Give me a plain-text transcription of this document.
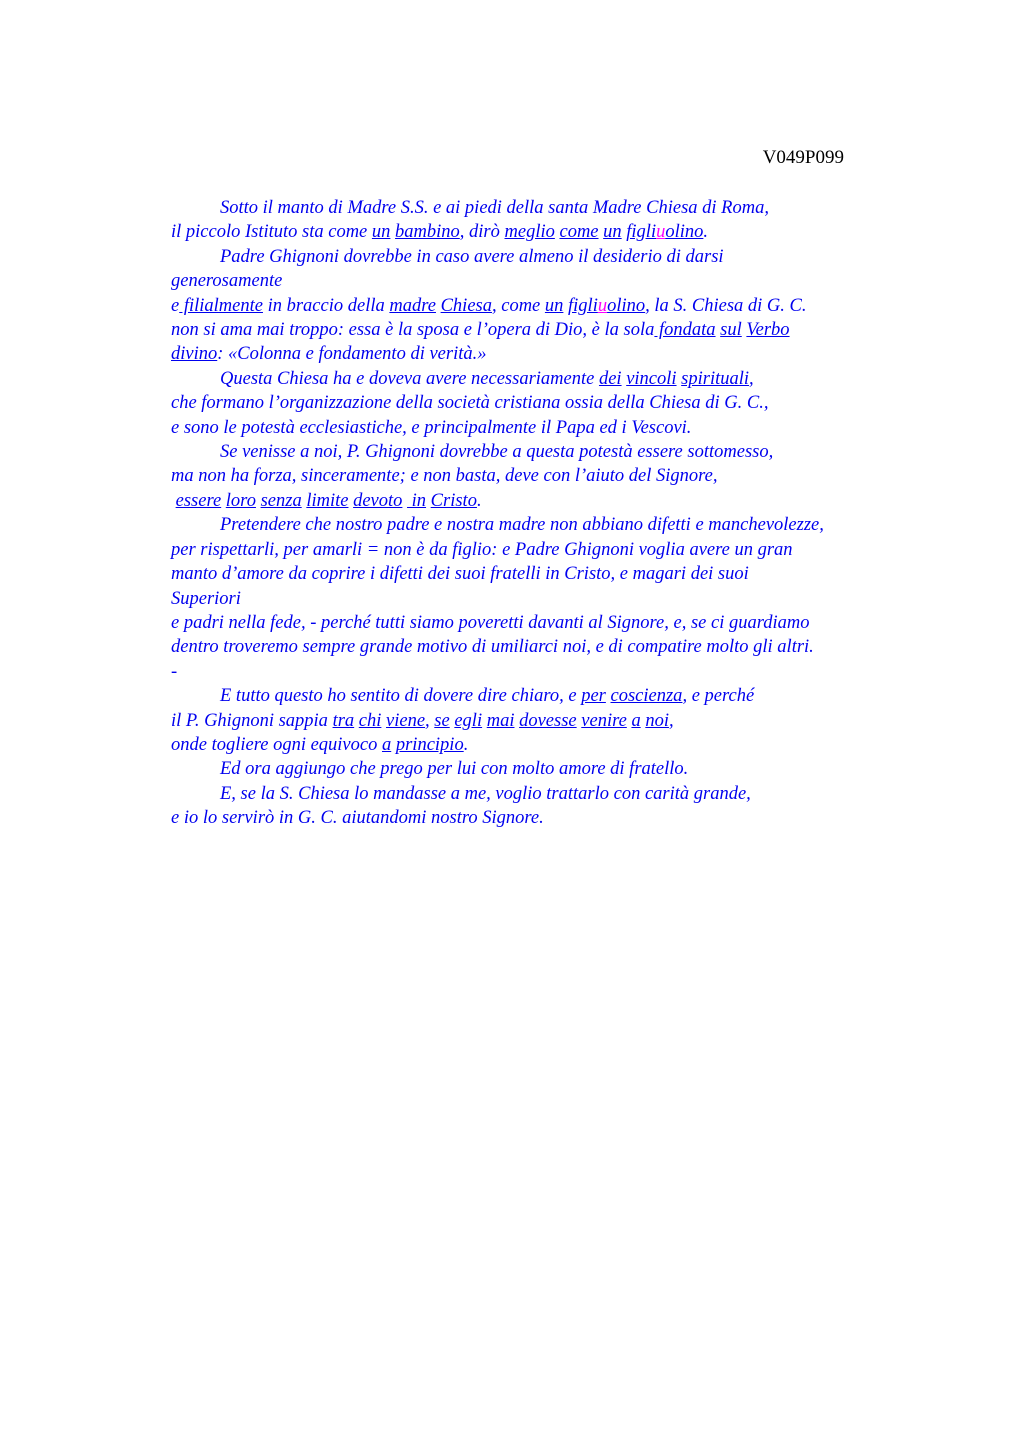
V049P099
Sotto il manto di Madre S.S. e ai piedi della santa Madre Chiesa di Roma,
il piccolo Istituto sta come un bambino, dirò meglio come un figliuolino.
Padre Ghignoni dovrebbe in caso avere almeno il desiderio di darsi
generosamente
e filialmente in braccio della madre Chiesa, come un figliuolino, la S. Chiesa di G. C.
non si ama mai troppo: essa è la sposa e l’opera di Dio, è la sola fondata sul Verbo
divino: «Colonna e fondamento di verità.»
Questa Chiesa ha e doveva avere necessariamente dei vincoli spirituali,
che formano l’organizzazione della società cristiana ossia della Chiesa di G. C.,
e sono le potestà ecclesiastiche, e principalmente il Papa ed i Vescovi.
Se venisse a noi, P. Ghignoni dovrebbe a questa potestà essere sottomesso,
ma non ha forza, sinceramente; e non basta, deve con l’aiuto del Signore,
essere loro senza limite devoto  in Cristo.
Pretendere che nostro padre e nostra madre non abbiano difetti e manchevolezze,
per rispettarli, per amarli = non è da figlio: e Padre Ghignoni voglia avere un gran
manto d’amore da coprire i difetti dei suoi fratelli in Cristo, e magari dei suoi
Superiori
e padri nella fede, - perché tutti siamo poveretti davanti al Signore, e, se ci guardiamo
dentro troveremo sempre grande motivo di umiliarci noi, e di compatire molto gli altri.
-
E tutto questo ho sentito di dovere dire chiaro, e per coscienza, e perché
il P. Ghignoni sappia tra chi viene, se egli mai dovesse venire a noi,
onde togliere ogni equivoco a principio.
Ed ora aggiungo che prego per lui con molto amore di fratello.
E, se la S. Chiesa lo mandasse a me, voglio trattarlo con carità grande,
e io lo servirò in G. C. aiutandomi nostro Signore.
